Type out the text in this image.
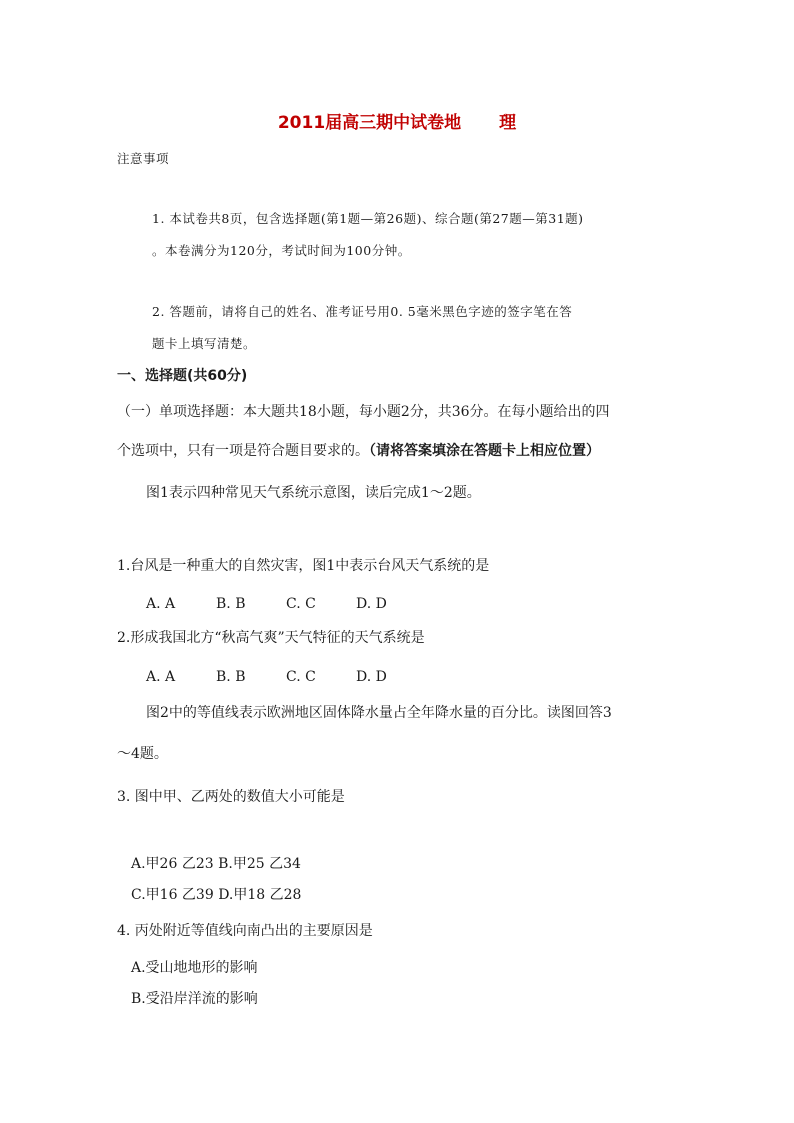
2011届高三期中试卷地 理
注意事项
1. 本试卷共8页，包含选择题(第1题—第26题)、综合题(第27题—第31题)
。本卷满分为120分，考试时间为100分钟。
2. 答题前，请将自己的姓名、准考证号用0. 5毫米黑色字迹的签字笔在答
题卡上填写清楚。
一、选择题(共60分)
（一）单项选择题：本大题共18小题，每小题2分，共36分。在每小题给出的四
个选项中，只有一项是符合题目要求的。（请将答案填涂在答题卡上相应位置）
图1表示四种常见天气系统示意图，读后完成1～2题。
1.台风是一种重大的自然灾害，图1中表示台风天气系统的是
A. A	B. B	C. C	D. D
2.形成我国北方“秋高气爽”天气特征的天气系统是
A. A	B. B	C. C	D. D
图2中的等值线表示欧洲地区固体降水量占全年降水量的百分比。读图回答3
～4题。
3. 图中甲、乙两处的数值大小可能是
A.甲26 乙23 B.甲25 乙34
C.甲16 乙39 D.甲18 乙28
4. 丙处附近等值线向南凸出的主要原因是
A.受山地地形的影响
B.受沿岸洋流的影响
